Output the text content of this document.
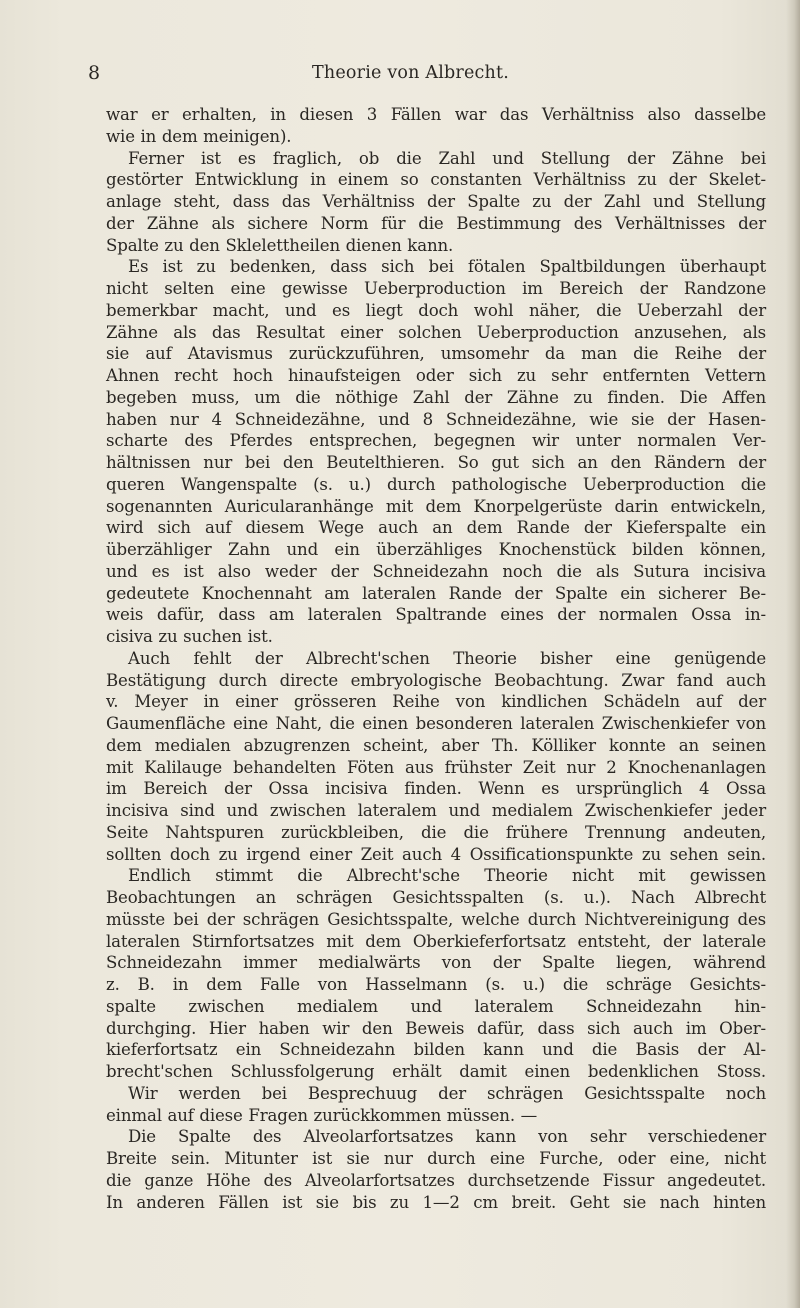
8	Theorie von Albrecht.
war er erhalten, in diesen 3 Fällen war das Verhältniss also dasselbe
wie in dem meinigen).
Ferner ist es fraglich, ob die Zahl und Stellung der Zähne bei
gestörter Entwicklung in einem so constanten Verhältniss zu der Skelet-
anlage steht, dass das Verhältniss der Spalte zu der Zahl und Stellung
der Zähne als sichere Norm für die Bestimmung des Verhältnisses der
Spalte zu den Sklelettheilen dienen kann.
Es ist zu bedenken, dass sich bei fötalen Spaltbildungen überhaupt
nicht selten eine gewisse Ueberproduction im Bereich der Randzone
bemerkbar macht, und es liegt doch wohl näher, die Ueberzahl der
Zähne als das Resultat einer solchen Ueberproduction anzusehen, als
sie auf Atavismus zurückzuführen, umsomehr da man die Reihe der
Ahnen recht hoch hinaufsteigen oder sich zu sehr entfernten Vettern
begeben muss, um die nöthige Zahl der Zähne zu finden. Die Affen
haben nur 4 Schneidezähne, und 8 Schneidezähne, wie sie der Hasen-
scharte des Pferdes entsprechen, begegnen wir unter normalen Ver-
hältnissen nur bei den Beutelthieren. So gut sich an den Rändern der
queren Wangenspalte (s. u.) durch pathologische Ueberproduction die
sogenannten Auricularanhänge mit dem Knorpelgerüste darin entwickeln,
wird sich auf diesem Wege auch an dem Rande der Kieferspalte ein
überzähliger Zahn und ein überzähliges Knochenstück bilden können,
und es ist also weder der Schneidezahn noch die als Sutura incisiva
gedeutete Knochennaht am lateralen Rande der Spalte ein sicherer Be-
weis dafür, dass am lateralen Spaltrande eines der normalen Ossa in-
cisiva zu suchen ist.
Auch fehlt der Albrecht'schen Theorie bisher eine genügende
Bestätigung durch directe embryologische Beobachtung. Zwar fand auch
v. Meyer in einer grösseren Reihe von kindlichen Schädeln auf der
Gaumenfläche eine Naht, die einen besonderen lateralen Zwischenkiefer von
dem medialen abzugrenzen scheint, aber Th. Kölliker konnte an seinen
mit Kalilauge behandelten Föten aus frühster Zeit nur 2 Knochenanlagen
im Bereich der Ossa incisiva finden. Wenn es ursprünglich 4 Ossa
incisiva sind und zwischen lateralem und medialem Zwischenkiefer jeder
Seite Nahtspuren zurückbleiben, die die frühere Trennung andeuten,
sollten doch zu irgend einer Zeit auch 4 Ossificationspunkte zu sehen sein.
Endlich stimmt die Albrecht'sche Theorie nicht mit gewissen
Beobachtungen an schrägen Gesichtsspalten (s. u.). Nach Albrecht
müsste bei der schrägen Gesichtsspalte, welche durch Nichtvereinigung des
lateralen Stirnfortsatzes mit dem Oberkieferfortsatz entsteht, der laterale
Schneidezahn immer medialwärts von der Spalte liegen, während
z. B. in dem Falle von Hasselmann (s. u.) die schräge Gesichts-
spalte zwischen medialem und lateralem Schneidezahn hin-
durchging. Hier haben wir den Beweis dafür, dass sich auch im Ober-
kieferfortsatz ein Schneidezahn bilden kann und die Basis der Al-
brecht'schen Schlussfolgerung erhält damit einen bedenklichen Stoss.
Wir werden bei Besprechuug der schrägen Gesichtsspalte noch
einmal auf diese Fragen zurückkommen müssen. —
Die Spalte des Alveolarfortsatzes kann von sehr verschiedener
Breite sein. Mitunter ist sie nur durch eine Furche, oder eine, nicht
die ganze Höhe des Alveolarfortsatzes durchsetzende Fissur angedeutet.
In anderen Fällen ist sie bis zu 1—2 cm breit. Geht sie nach hinten
